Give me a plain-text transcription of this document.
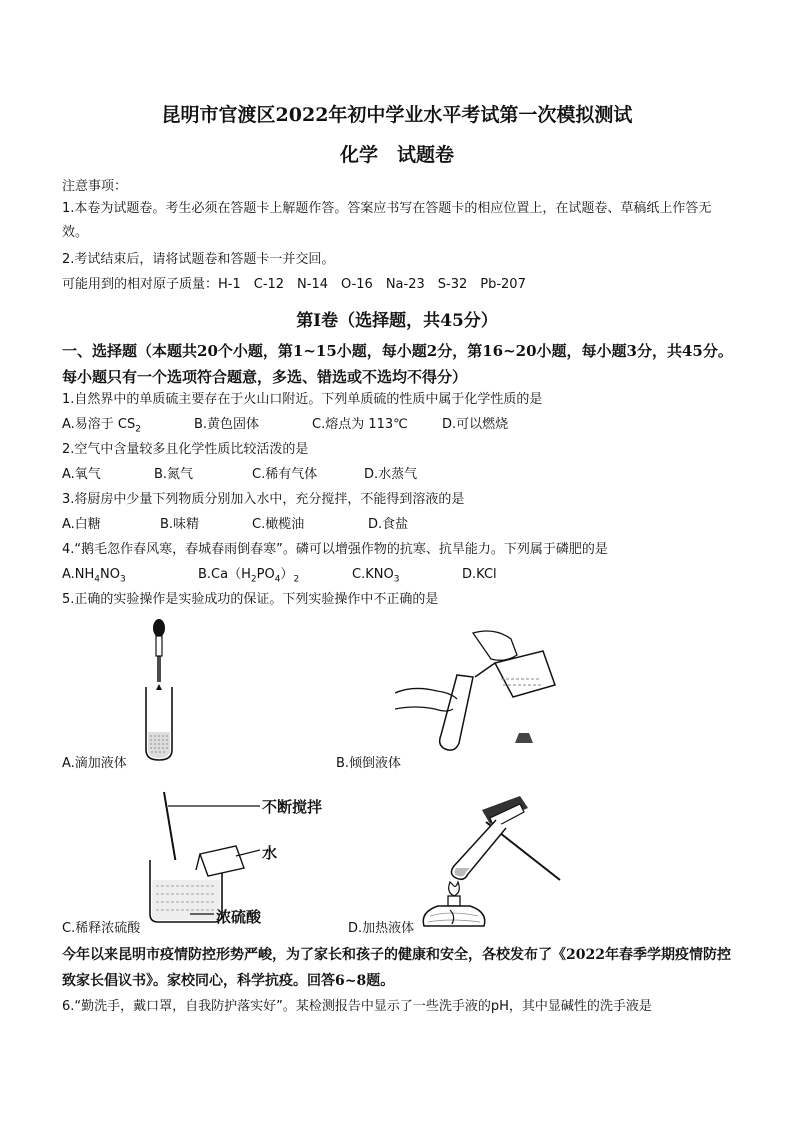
昆明市官渡区2022年初中学业水平考试第一次模拟测试
化学　试题卷
注意事项：
1.本卷为试题卷。考生必须在答题卡上解题作答。答案应书写在答题卡的相应位置上，在试题卷、草稿纸上作答无效。
2.考试结束后，请将试题卷和答题卡一并交回。
可能用到的相对原子质量：H-1　C-12　N-14　O-16　Na-23　S-32　Pb-207
第Ⅰ卷（选择题，共45分）
一、选择题（本题共20个小题，第1~15小题，每小题2分，第16~20小题，每小题3分，共45分。每小题只有一个选项符合题意，多选、错选或不选均不得分）
1.自然界中的单质硫主要存在于火山口附近。下列单质硫的性质中属于化学性质的是
A.易溶于 $CS_2$	B.黄色固体	C.熔点为 113℃	D.可以燃烧
2.空气中含量较多且化学性质比较活泼的是
A.氧气	B.氮气	C.稀有气体	D.水蒸气
3.将厨房中少量下列物质分别加入水中，充分搅拌，不能得到溶液的是
A.白糖	B.味精	C.橄榄油	D.食盐
4.“鹅毛忽作春风寒，春城春雨倒春寒”。磷可以增强作物的抗寒、抗旱能力。下列属于磷肥的是
$A.NH_4NO_3$	$B.Ca(H_2PO_4)_2$	$C.KNO_3$	D.KCl
5.正确的实验操作是实验成功的保证。下列实验操作中不正确的是
A.滴加液体	B.倾倒液体
不断搅拌
水
浓硫酸
C.稀释浓硫酸	D.加热液体
今年以来昆明市疫情防控形势严峻，为了家长和孩子的健康和安全，各校发布了《2022年春季学期疫情防控致家长倡议书》。家校同心，科学抗疫。回答6~8题。
6.“勤洗手，戴口罩，自我防护落实好”。某检测报告中显示了一些洗手液的pH，其中显碱性的洗手液是
